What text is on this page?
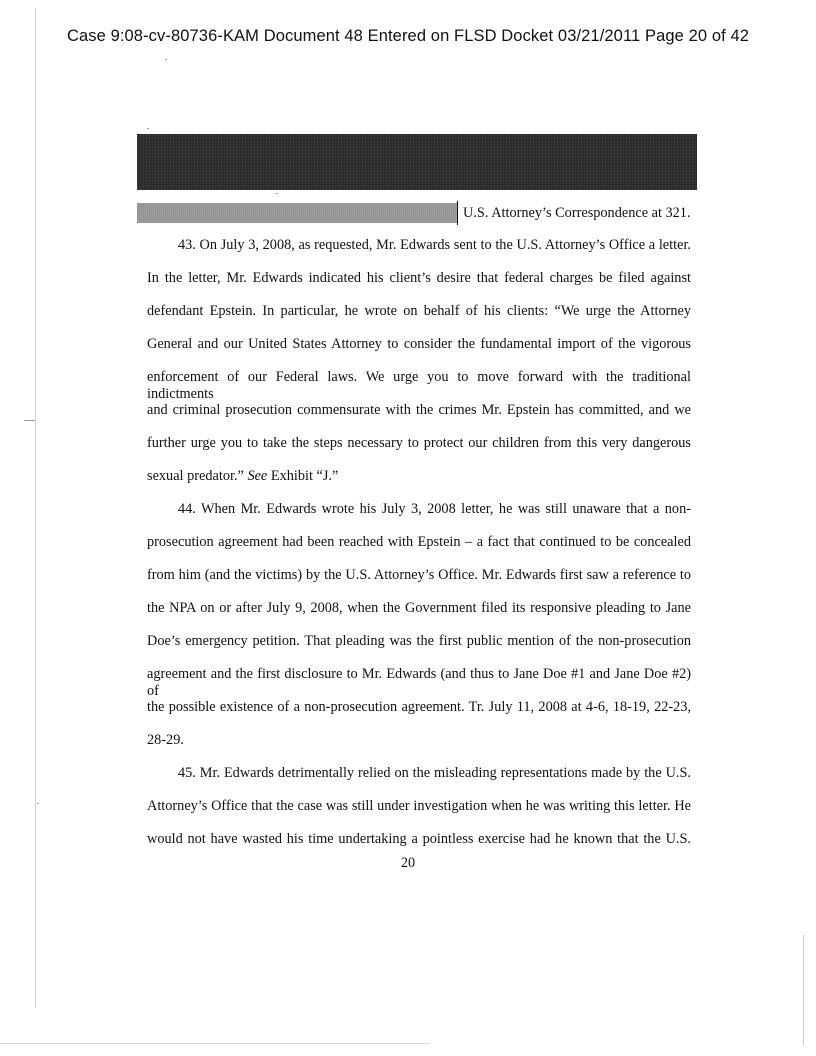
Case 9:08-cv-80736-KAM Document 48 Entered on FLSD Docket 03/21/2011 Page 20 of 42
U.S. Attorney’s Correspondence at 321.
43. On July 3, 2008, as requested, Mr. Edwards sent to the U.S. Attorney’s Office a letter.
In the letter, Mr. Edwards indicated his client’s desire that federal charges be filed against
defendant Epstein. In particular, he wrote on behalf of his clients: “We urge the Attorney
General and our United States Attorney to consider the fundamental import of the vigorous
enforcement of our Federal laws. We urge you to move forward with the traditional indictments
and criminal prosecution commensurate with the crimes Mr. Epstein has committed, and we
further urge you to take the steps necessary to protect our children from this very dangerous
sexual predator.” See Exhibit “J.”
44. When Mr. Edwards wrote his July 3, 2008 letter, he was still unaware that a non-
prosecution agreement had been reached with Epstein – a fact that continued to be concealed
from him (and the victims) by the U.S. Attorney’s Office. Mr. Edwards first saw a reference to
the NPA on or after July 9, 2008, when the Government filed its responsive pleading to Jane
Doe’s emergency petition. That pleading was the first public mention of the non-prosecution
agreement and the first disclosure to Mr. Edwards (and thus to Jane Doe #1 and Jane Doe #2) of
the possible existence of a non-prosecution agreement. Tr. July 11, 2008 at 4-6, 18-19, 22-23,
28-29.
45. Mr. Edwards detrimentally relied on the misleading representations made by the U.S.
Attorney’s Office that the case was still under investigation when he was writing this letter. He
would not have wasted his time undertaking a pointless exercise had he known that the U.S.
20
